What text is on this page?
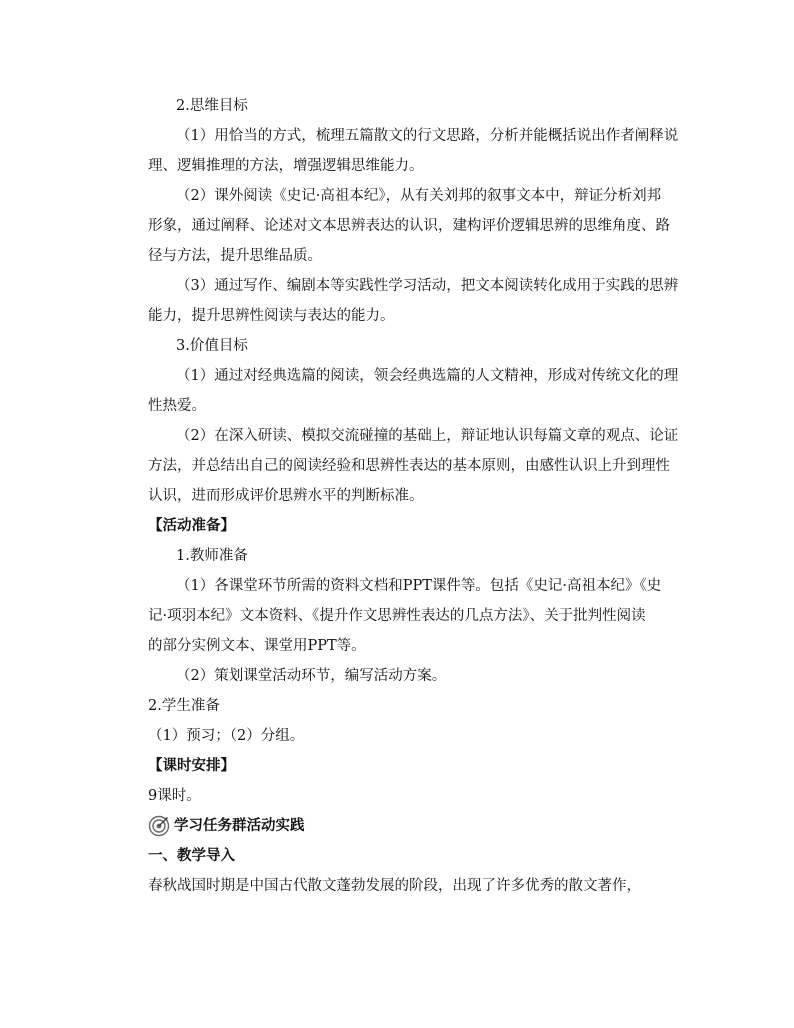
2.思维目标
（1）用恰当的方式，梳理五篇散文的行文思路，分析并能概括说出作者阐释说
理、逻辑推理的方法，增强逻辑思维能力。
（2）课外阅读《史记·高祖本纪》，从有关刘邦的叙事文本中，辩证分析刘邦
形象，通过阐释、论述对文本思辨表达的认识，建构评价逻辑思辨的思维角度、路
径与方法，提升思维品质。
（3）通过写作、编剧本等实践性学习活动，把文本阅读转化成用于实践的思辨
能力，提升思辨性阅读与表达的能力。
3.价值目标
（1）通过对经典选篇的阅读，领会经典选篇的人文精神，形成对传统文化的理
性热爱。
（2）在深入研读、模拟交流碰撞的基础上，辩证地认识每篇文章的观点、论证
方法，并总结出自己的阅读经验和思辨性表达的基本原则，由感性认识上升到理性
认识，进而形成评价思辨水平的判断标准。
【活动准备】
1.教师准备
（1）各课堂环节所需的资料文档和PPT课件等。包括《史记·高祖本纪》《史
记·项羽本纪》文本资料、《提升作文思辨性表达的几点方法》、关于批判性阅读
的部分实例文本、课堂用PPT等。
（2）策划课堂活动环节，编写活动方案。
2.学生准备
（1）预习；（2）分组。
【课时安排】
9课时。
学习任务群活动实践
一、教学导入
春秋战国时期是中国古代散文蓬勃发展的阶段，出现了许多优秀的散文著作，
